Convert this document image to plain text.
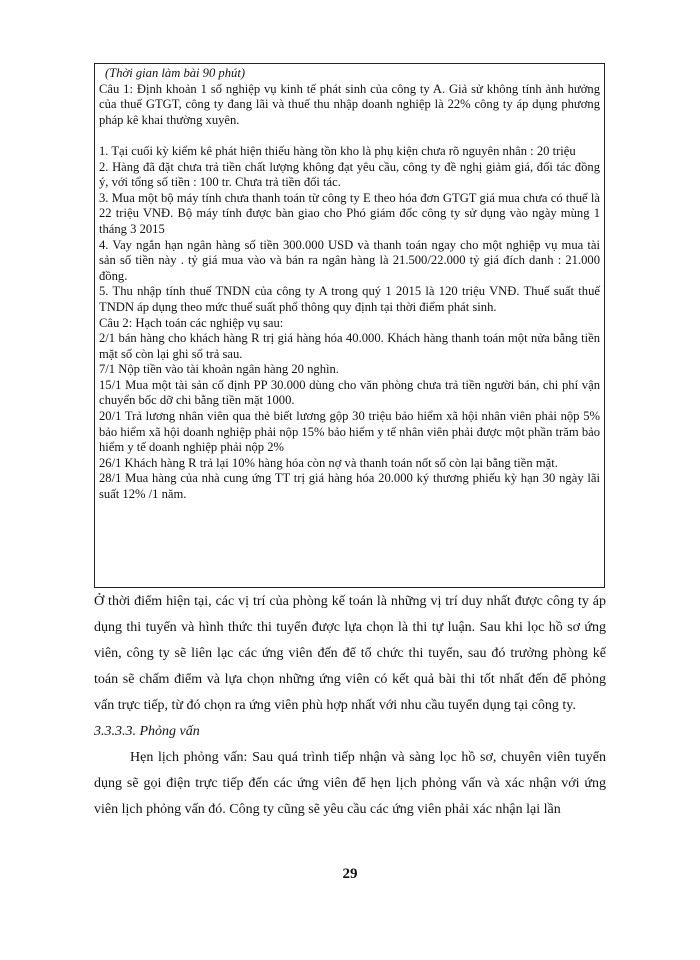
(Thời gian làm bài 90 phút)

Câu 1: Định khoản 1 số nghiệp vụ kinh tế phát sinh của công ty A. Giả sử không tính ảnh hưởng của thuế GTGT, công ty đang lãi và thuế thu nhập doanh nghiệp là 22% công ty áp dụng phương pháp kê khai thường xuyên.

1. Tại cuối kỳ kiểm kê phát hiện thiếu hàng tồn kho là phụ kiện chưa rõ nguyên nhân : 20 triệu

2. Hàng đã đặt chưa trả tiền chất lượng không đạt yêu cầu, công ty đề nghị giảm giá, đối tác đồng ý, với tổng số tiền : 100 tr. Chưa trả tiền đối tác.

3. Mua một bộ máy tính chưa thanh toán từ công ty E theo hóa đơn GTGT giá mua chưa có thuế là 22 triệu VNĐ. Bộ máy tính được bàn giao cho Phó giám đốc công ty sử dụng vào ngày mùng 1 tháng 3 2015

4. Vay ngắn hạn ngân hàng số tiền 300.000 USD và thanh toán ngay cho một nghiệp vụ mua tài sản số tiền này . tỷ giá mua vào và bán ra ngân hàng là 21.500/22.000 tỷ giá đích danh : 21.000 đồng.

5. Thu nhập tính thuế TNDN của công ty A trong quý 1 2015 là 120 triệu VNĐ. Thuế suất thuế TNDN áp dụng theo mức thuế suất phổ thông quy định tại thời điểm phát sinh.

Câu 2: Hạch toán các nghiệp vụ sau:

2/1 bán hàng cho khách hàng R trị giá hàng hóa 40.000. Khách hàng thanh toán một nửa bằng tiền mặt số còn lại ghi sổ trả sau.

7/1 Nộp tiền vào tài khoản ngân hàng 20 nghìn.

15/1 Mua một tài sản cố định PP 30.000 dùng cho văn phòng chưa trả tiền người bán, chi phí vận chuyển bốc dỡ chi bằng tiền mặt 1000.

20/1 Trả lương nhân viên qua thẻ biết lương gộp 30 triệu bảo hiểm xã hội nhân viên phải nộp 5% bảo hiểm xã hội doanh nghiệp phải nộp 15% bảo hiểm y tế nhân viên phải được một phần trăm bảo hiểm y tế doanh nghiệp phải nộp 2%

26/1 Khách hàng R trả lại 10% hàng hóa còn nợ và thanh toán nốt số còn lại bằng tiền mặt.

28/1 Mua hàng của nhà cung ứng TT trị giá hàng hóa 20.000 ký thương phiếu kỳ hạn 30 ngày lãi suất 12% /1 năm.

Ở thời điểm hiện tại, các vị trí của phòng kế toán là những vị trí duy nhất được công ty áp dụng thi tuyển và hình thức thi tuyển được lựa chọn là thi tự luận. Sau khi lọc hồ sơ ứng viên, công ty sẽ liên lạc các ứng viên đến để tổ chức thi tuyển, sau đó trưởng phòng kế toán sẽ chấm điểm và lựa chọn những ứng viên có kết quả bài thi tốt nhất đến để phỏng vấn trực tiếp, từ đó chọn ra ứng viên phù hợp nhất với nhu cầu tuyển dụng tại công ty.

3.3.3.3. Phỏng vấn

Hẹn lịch phỏng vấn: Sau quá trình tiếp nhận và sàng lọc hồ sơ, chuyên viên tuyển dụng sẽ gọi điện trực tiếp đến các ứng viên để hẹn lịch phỏng vấn và xác nhận với ứng viên lịch phỏng vấn đó. Công ty cũng sẽ yêu cầu các ứng viên phải xác nhận lại lần

29
